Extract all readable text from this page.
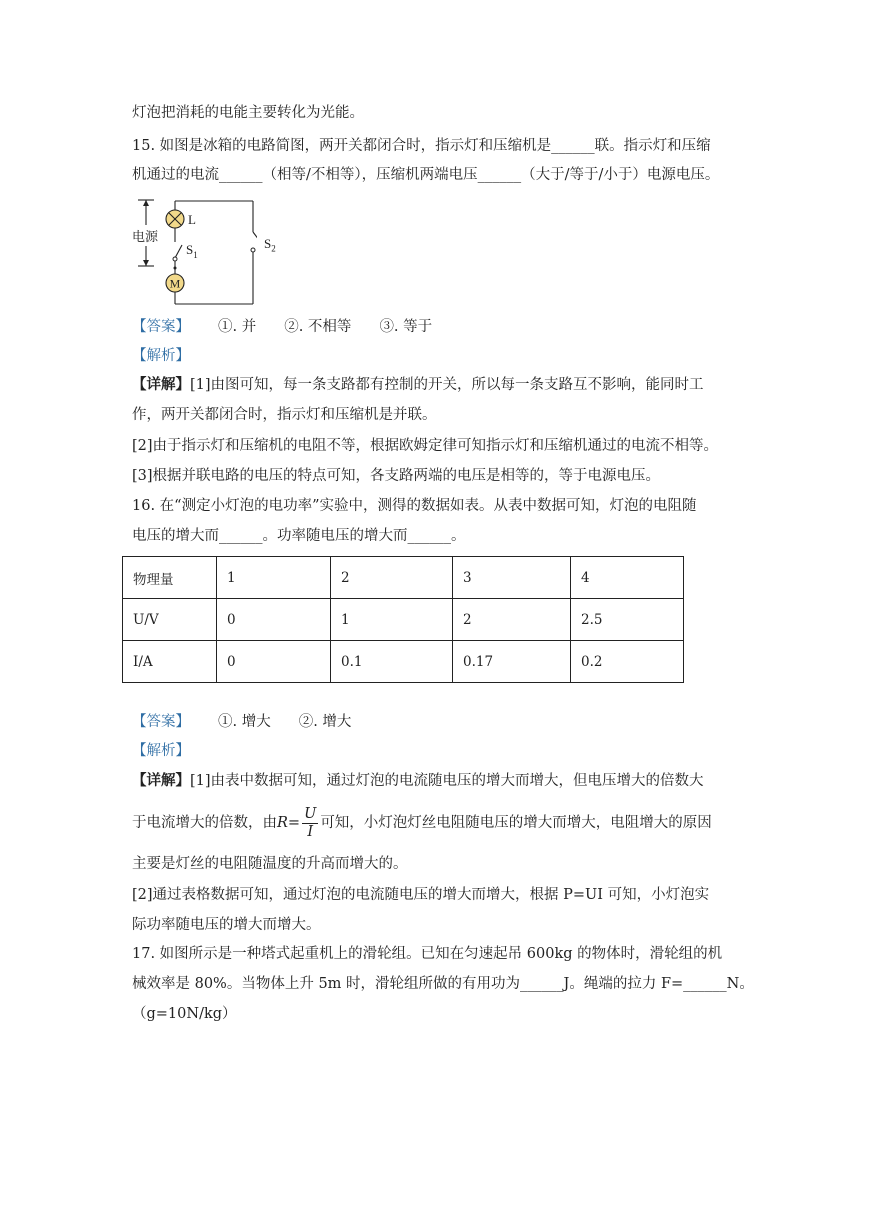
灯泡把消耗的电能主要转化为光能。
15. 如图是冰箱的电路简图，两开关都闭合时，指示灯和压缩机是______联。指示灯和压缩
机通过的电流______（相等/不相等），压缩机两端电压______（大于/等于/小于）电源电压。
M
L
电源
$S_1$
$S_2$
【答案】 ①. 并 ②. 不相等 ③. 等于
【解析】
【详解】[1]由图可知，每一条支路都有控制的开关，所以每一条支路互不影响，能同时工
作，两开关都闭合时，指示灯和压缩机是并联。
[2]由于指示灯和压缩机的电阻不等，根据欧姆定律可知指示灯和压缩机通过的电流不相等。
[3]根据并联电路的电压的特点可知，各支路两端的电压是相等的，等于电源电压。
16. 在“测定小灯泡的电功率”实验中，测得的数据如表。从表中数据可知，灯泡的电阻随
电压的增大而______。功率随电压的增大而______。
物理量	1	2	3	4
U/V	0	1	2	2.5
I/A	0	0.1	0.17	0.2
【答案】 ①. 增大 ②. 增大
【解析】
【详解】[1]由表中数据可知，通过灯泡的电流随电压的增大而增大，但电压增大的倍数大
于电流增大的倍数，由$R= \frac{U}{I}$ 可知，小灯泡灯丝电阻随电压的增大而增大，电阻增大的原因
主要是灯丝的电阻随温度的升高而增大的。
[2]通过表格数据可知，通过灯泡的电流随电压的增大而增大，根据 P=UI 可知，小灯泡实
际功率随电压的增大而增大。
17. 如图所示是一种塔式起重机上的滑轮组。已知在匀速起吊 600kg 的物体时，滑轮组的机
械效率是 80%。当物体上升 5m 时，滑轮组所做的有用功为______J。绳端的拉力 F=______N。
（g=10N/kg）
